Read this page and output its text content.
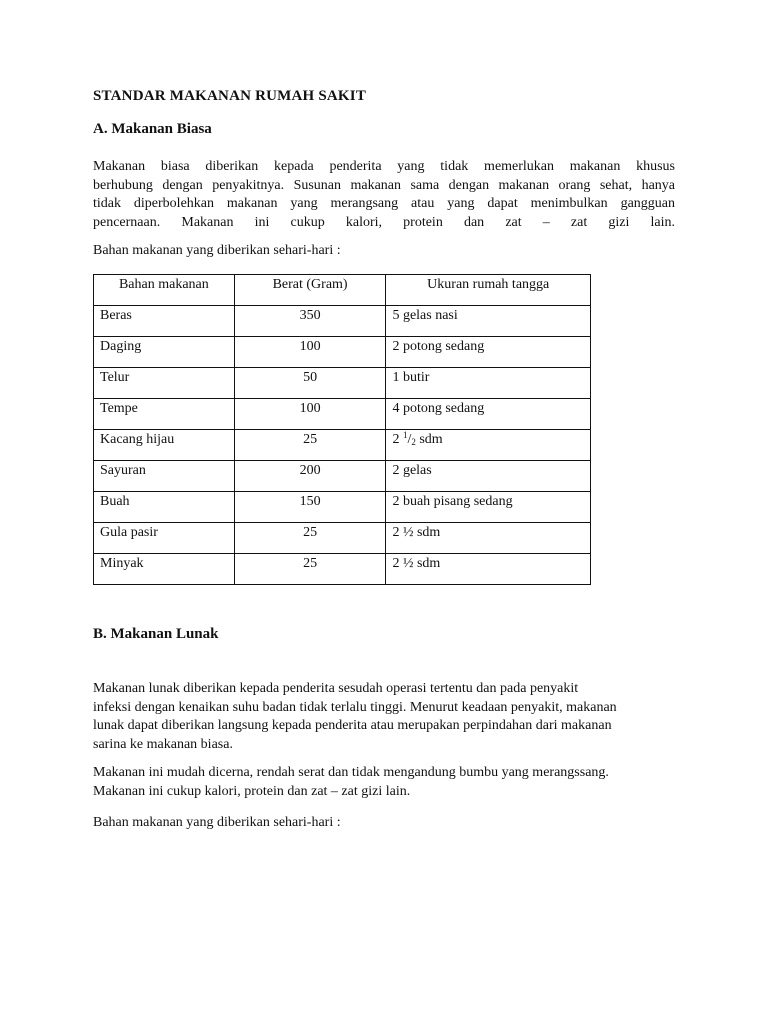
STANDAR MAKANAN RUMAH SAKIT
A. Makanan Biasa
Makanan biasa diberikan kepada penderita yang tidak memerlukan makanan khusus
berhubung dengan penyakitnya. Susunan makanan sama dengan makanan orang sehat, hanya
tidak diperbolehkan makanan yang merangsang atau yang dapat menimbulkan gangguan
pencernaan. Makanan ini cukup kalori, protein dan zat – zat gizi lain.
Bahan makanan yang diberikan sehari-hari :
Bahan makanan	Berat (Gram)	Ukuran rumah tangga
Beras	350	5 gelas nasi
Daging	100	2 potong sedang
Telur	50	1 butir
Tempe	100	4 potong sedang
Kacang hijau	25	2 $^1/_2$ sdm
Sayuran	200	2 gelas
Buah	150	2 buah pisang sedang
Gula pasir	25	2 ½ sdm
Minyak	25	2 ½ sdm
B. Makanan Lunak
Makanan lunak diberikan kepada penderita sesudah operasi tertentu dan pada penyakit
infeksi dengan kenaikan suhu badan tidak terlalu tinggi. Menurut keadaan penyakit, makanan
lunak dapat diberikan langsung kepada penderita atau merupakan perpindahan dari makanan
sarina ke makanan biasa.
Makanan ini mudah dicerna, rendah serat dan tidak mengandung bumbu yang merangssang.
Makanan ini cukup kalori, protein dan zat – zat gizi lain.
Bahan makanan yang diberikan sehari-hari :
